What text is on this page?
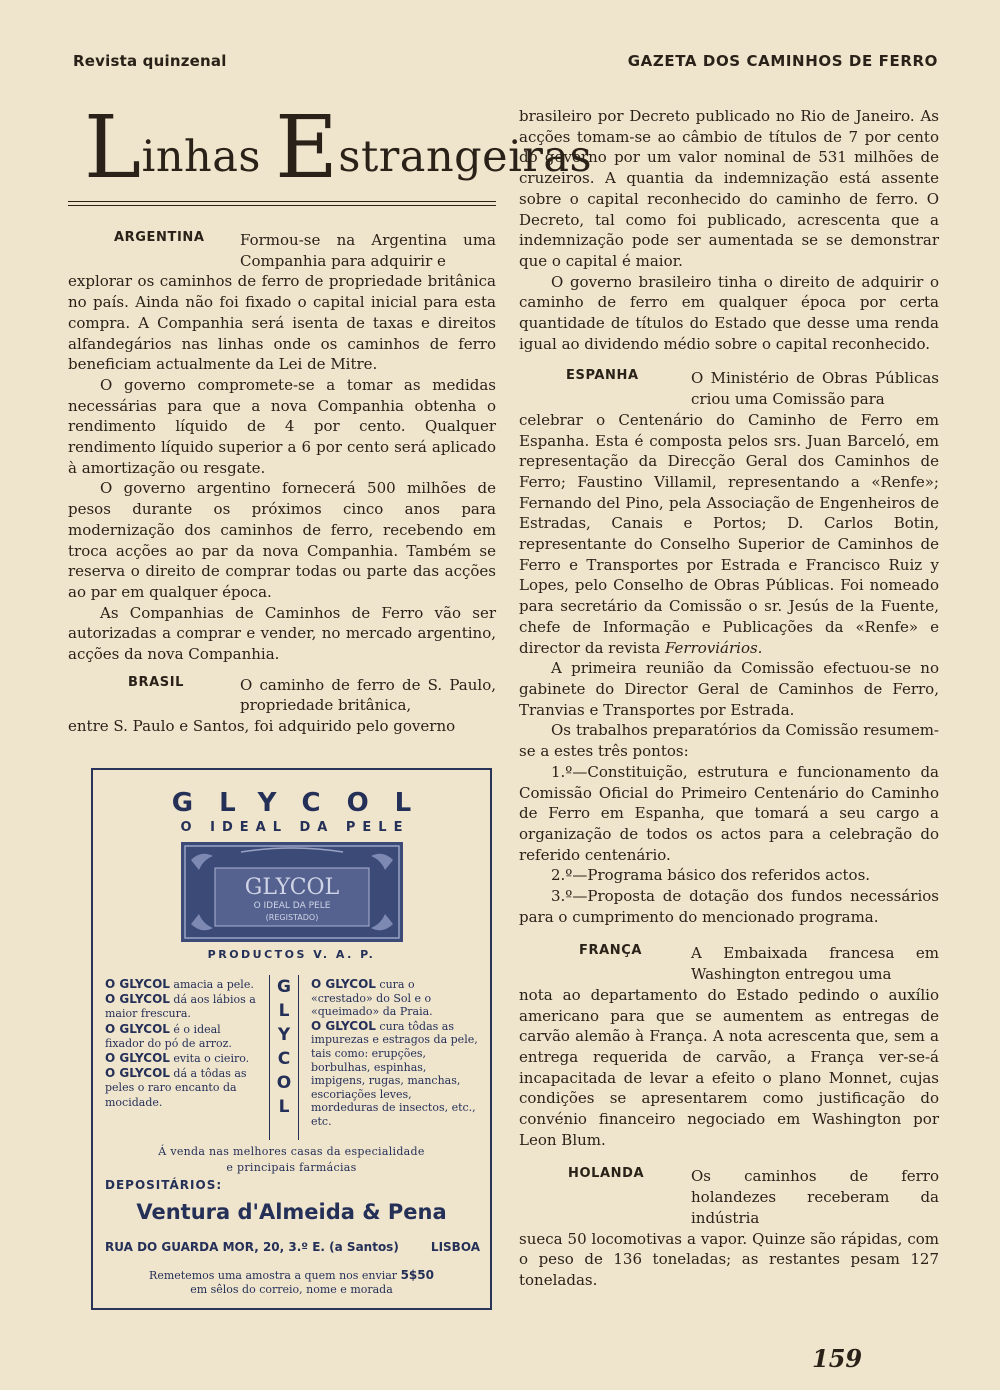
Revista quinzenal	GAZETA DOS CAMINHOS DE FERRO
Linhas Estrangeiras
ARGENTINA	Formou-se na Argentina uma Companhia para adquirir e

explorar os caminhos de ferro de propriedade britânica no país. Ainda não foi fixado o capital inicial para esta compra. A Companhia será isenta de taxas e direitos alfandegários nas linhas onde os caminhos de ferro beneficiam actualmente da Lei de Mitre.

O governo compromete-se a tomar as medidas necessárias para que a nova Companhia obtenha o rendimento líquido de 4 por cento. Qualquer rendimento líquido superior a 6 por cento será aplicado à amortização ou resgate.

O governo argentino fornecerá 500 milhões de pesos durante os próximos cinco anos para modernização dos caminhos de ferro, recebendo em troca acções ao par da nova Companhia. Também se reserva o direito de comprar todas ou parte das acções ao par em qualquer época.

As Companhias de Caminhos de Ferro vão ser autorizadas a comprar e vender, no mercado argentino, acções da nova Companhia.

BRASIL	O caminho de ferro de S. Paulo, propriedade britânica,

entre S. Paulo e Santos, foi adquirido pelo governo

brasileiro por Decreto publicado no Rio de Janeiro. As acções tomam-se ao câmbio de títulos de 7 por cento do governo por um valor nominal de 531 milhões de cruzeiros. A quantia da indemnização está assente sobre o capital reconhecido do caminho de ferro. O Decreto, tal como foi publicado, acrescenta que a indemnização pode ser aumentada se se demonstrar que o capital é maior.

O governo brasileiro tinha o direito de adquirir o caminho de ferro em qualquer época por certa quantidade de títulos do Estado que desse uma renda igual ao dividendo médio sobre o capital reconhecido.

ESPANHA	O Ministério de Obras Públicas criou uma Comissão para

celebrar o Centenário do Caminho de Ferro em Espanha. Esta é composta pelos srs. Juan Barceló, em representação da Direcção Geral dos Caminhos de Ferro; Faustino Villamil, representando a «Renfe»; Fernando del Pino, pela Associação de Engenheiros de Estradas, Canais e Portos; D. Carlos Botin, representante do Conselho Superior de Caminhos de Ferro e Transportes por Estrada e Francisco Ruiz y Lopes, pelo Conselho de Obras Públicas. Foi nomeado para secretário da Comissão o sr. Jesús de la Fuente, chefe de Informação e Publicações da «Renfe» e director da revista Ferroviários.

A primeira reunião da Comissão efectuou-se no gabinete do Director Geral de Caminhos de Ferro, Tranvias e Transportes por Estrada.

Os trabalhos preparatórios da Comissão resumem-se a estes três pontos:

1.º—Constituição, estrutura e funcionamento da Comissão Oficial do Primeiro Centenário do Caminho de Ferro em Espanha, que tomará a seu cargo a organização de todos os actos para a celebração do referido centenário.

2.º—Programa básico dos referidos actos.

3.º—Proposta de dotação dos fundos necessários para o cumprimento do mencionado programa.

FRANÇA	A Embaixada francesa em Washington entregou uma

nota ao departamento do Estado pedindo o auxílio americano para que se aumentem as entregas de carvão alemão à França. A nota acrescenta que, sem a entrega requerida de carvão, a França ver-se-á incapacitada de levar a efeito o plano Monnet, cujas condições se apresentarem como justificação do convénio financeiro negociado em Washington por Leon Blum.

HOLANDA	Os caminhos de ferro holandezes receberam da indústria

sueca 50 locomotivas a vapor. Quinze são rápidas, com o peso de 136 toneladas; as restantes pesam 127 toneladas.

GLYCOL
O IDEAL DA PELE
GLYCOL
O IDEAL DA PELE
(REGISTADO)
PRODUCTOS V. A. P.
O GLYCOL amacia a pele.
O GLYCOL dá aos lábios a maior frescura.
O GLYCOL é o ideal fixador do pó de arroz.
O GLYCOL evita o cieiro.
O GLYCOL dá a tôdas as peles o raro encanto da mocidade.
G
L
Y
C
O
L
O GLYCOL cura o «crestado» do Sol e o «queimado» da Praia.
O GLYCOL cura tôdas as impurezas e estragos da pele, tais como: erupções, borbulhas, espinhas, impigens, rugas, manchas, escoriações leves, mordeduras de insectos, etc., etc.
Á venda nas melhores casas da especialidade
e principais farmácias
DEPOSITÁRIOS:
Ventura d'Almeida & Pena
RUA DO GUARDA MOR, 20, 3.º E. (a Santos)	LISBOA
Remetemos uma amostra a quem nos enviar 5$50
em sêlos do correio, nome e morada
159
